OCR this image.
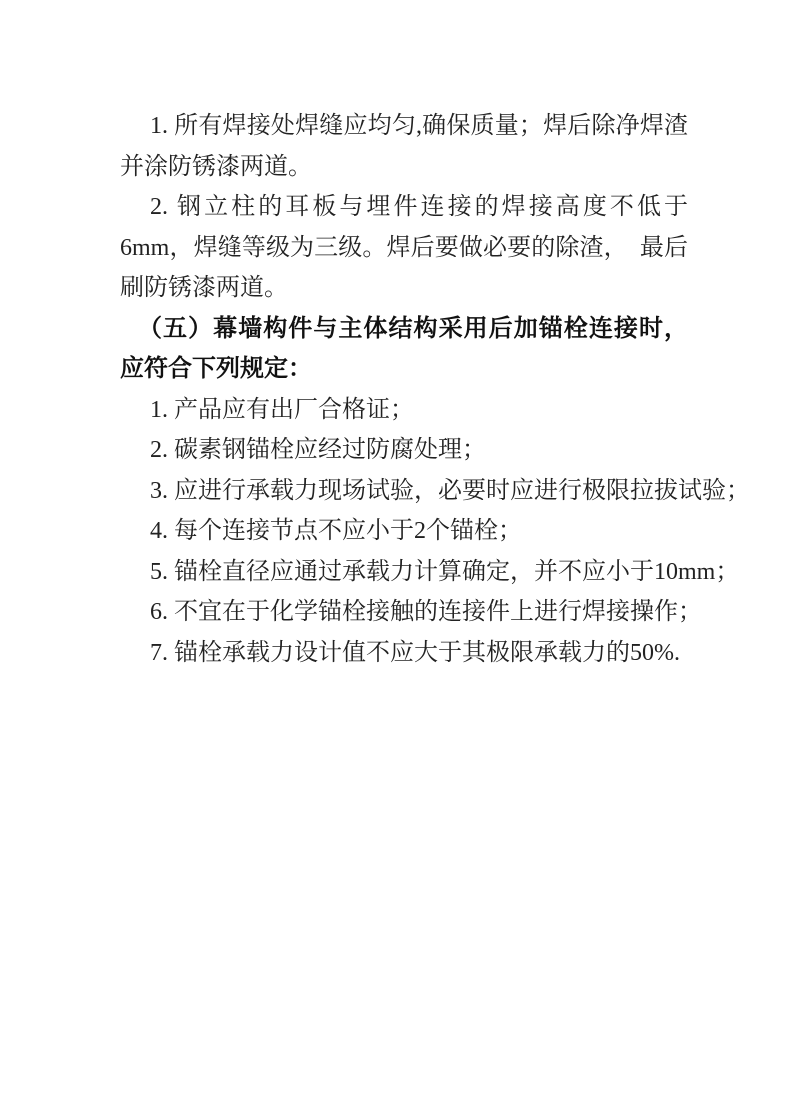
1. 所有焊接处焊缝应均匀,确保质量；焊后除净焊渣并涂防锈漆两道。

2. 钢立柱的耳板与埋件连接的焊接高度不低于6mm，焊缝等级为三级。焊后要做必要的除渣，　最后刷防锈漆两道。

（五）幕墙构件与主体结构采用后加锚栓连接时，应符合下列规定：

1. 产品应有出厂合格证；

2. 碳素钢锚栓应经过防腐处理；

3. 应进行承载力现场试验，必要时应进行极限拉拔试验；

4. 每个连接节点不应小于2个锚栓；

5. 锚栓直径应通过承载力计算确定，并不应小于10mm；

6. 不宜在于化学锚栓接触的连接件上进行焊接操作；

7. 锚栓承载力设计值不应大于其极限承载力的50%.
